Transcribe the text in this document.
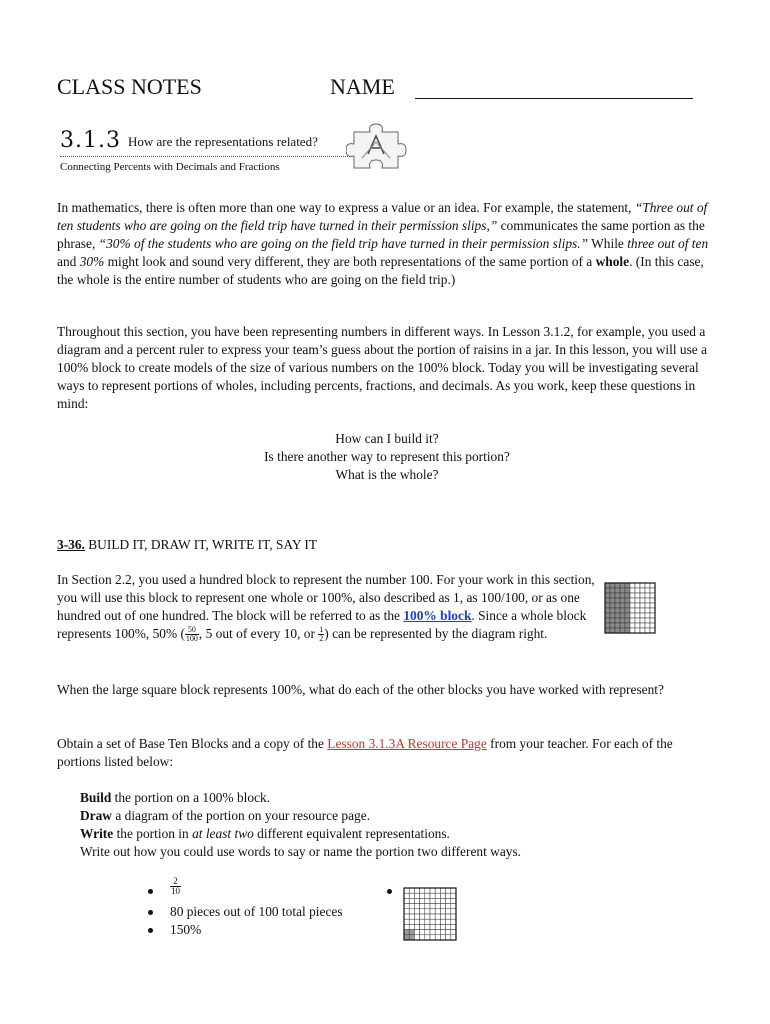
CLASS NOTES	NAME
3.1.3 How are the representations related?
Connecting Percents with Decimals and Fractions

In mathematics, there is often more than one way to express a value or an idea. For example, the statement, “Three out of ten students who are going on the field trip have turned in their permission slips,” communicates the same portion as the phrase, “30% of the students who are going on the field trip have turned in their permission slips.” While three out of ten and 30% might look and sound very different, they are both representations of the same portion of a whole. (In this case, the whole is the entire number of students who are going on the field trip.)

Throughout this section, you have been representing numbers in different ways. In Lesson 3.1.2, for example, you used a diagram and a percent ruler to express your team’s guess about the portion of raisins in a jar. In this lesson, you will use a 100% block to create models of the size of various numbers on the 100% block. Today you will be investigating several ways to represent portions of wholes, including percents, fractions, and decimals. As you work, keep these questions in mind:

How can I build it?
Is there another way to represent this portion?
What is the whole?

3-36. BUILD IT, DRAW IT, WRITE IT, SAY IT

In Section 2.2, you used a hundred block to represent the number 100. For your work in this section, you will use this block to represent one whole or 100%, also described as 1, as 100/100, or as one hundred out of one hundred. The block will be referred to as the 100% block. Since a whole block represents 100%, 50% ( $\frac{50}{100}$ , 5 out of every 10, or $\frac{1}{2}$ ) can be represented by the diagram right.

When the large square block represents 100%, what do each of the other blocks you have worked with represent?

Obtain a set of Base Ten Blocks and a copy of the Lesson 3.1.3A Resource Page from your teacher. For each of the portions listed below:

Build the portion on a 100% block.

Draw a diagram of the portion on your resource page.

Write the portion in at least two different equivalent representations.

Write out how you could use words to say or name the portion two different ways.

$\frac{2}{10}$
80 pieces out of 100 total pieces
150%
